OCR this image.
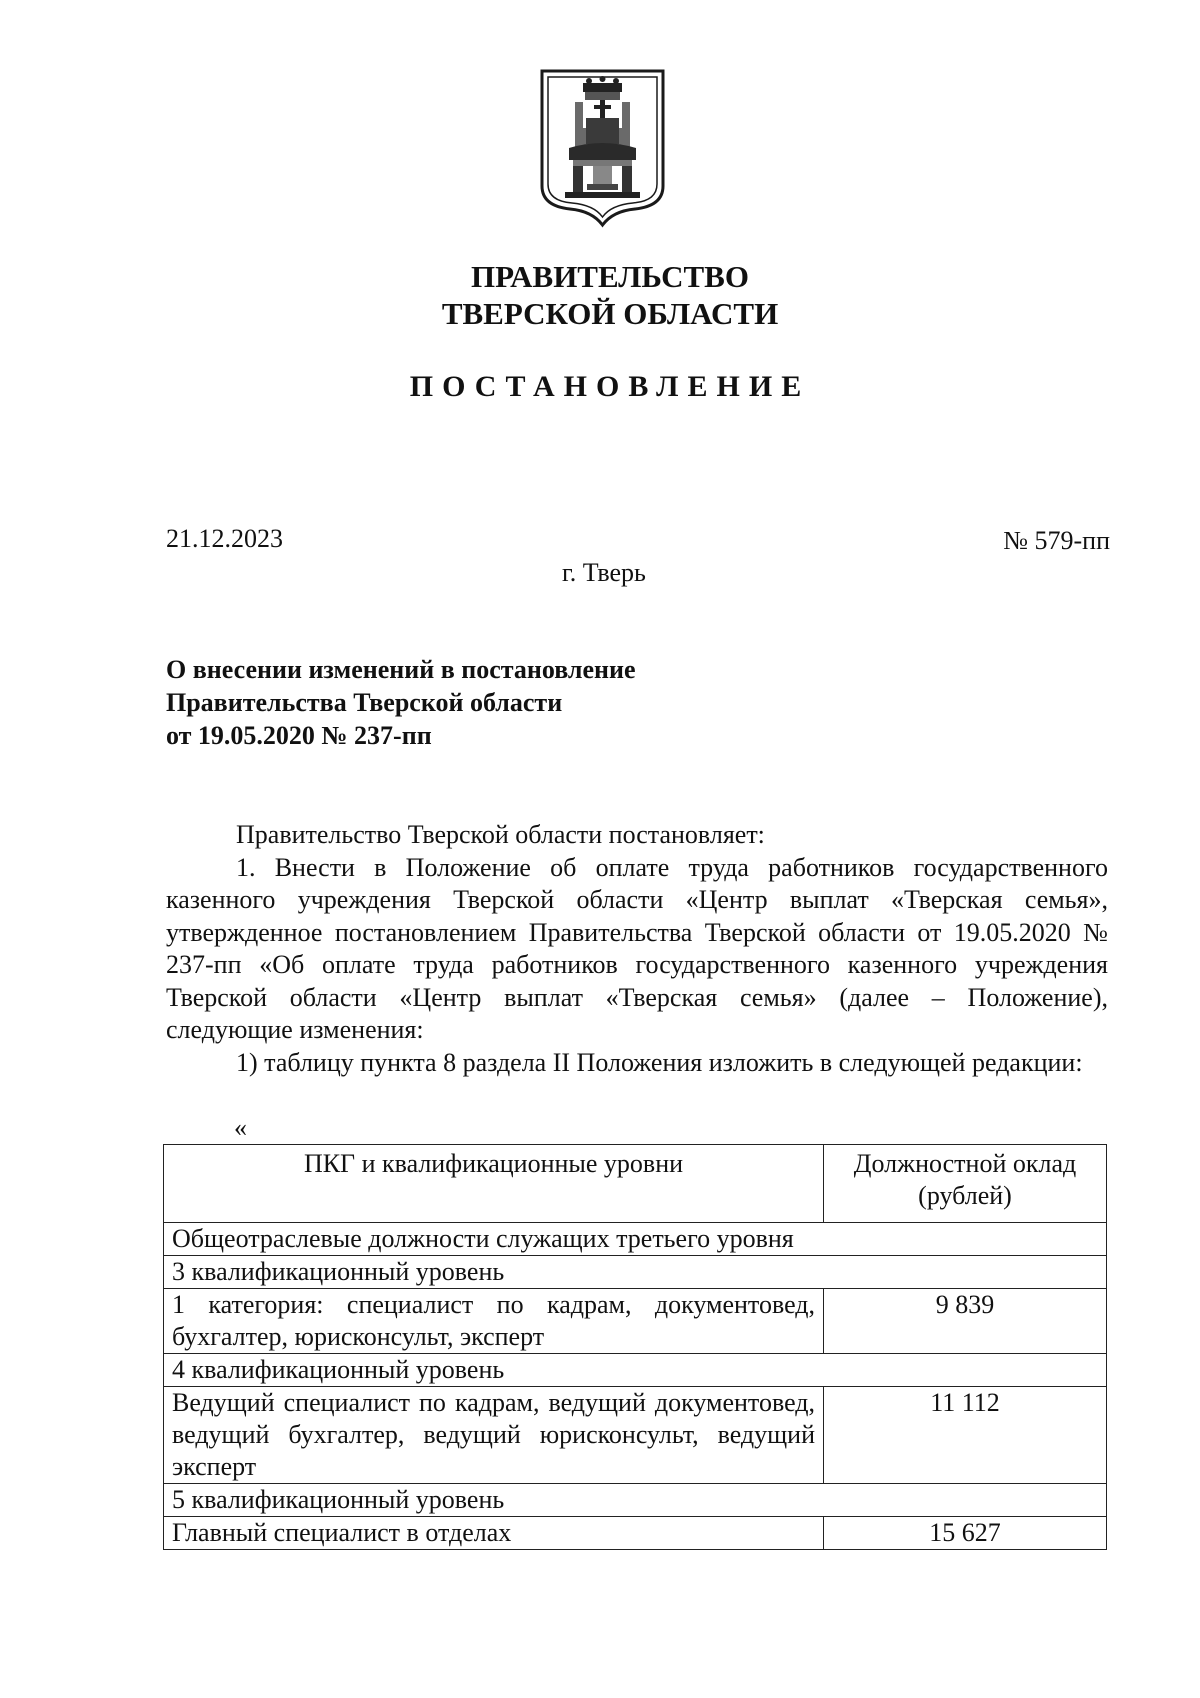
ПРАВИТЕЛЬСТВО
ТВЕРСКОЙ ОБЛАСТИ
ПОСТАНОВЛЕНИЕ
21.12.2023	№ 579-пп
г. Тверь
О внесении изменений в постановление
Правительства Тверской области
от 19.05.2020 № 237-пп

Правительство Тверской области постановляет:

1. Внести в Положение об оплате труда работников государственного казенного учреждения Тверской области «Центр выплат «Тверская семья», утвержденное постановлением Правительства Тверской области от 19.05.2020 № 237-пп «Об оплате труда работников государственного казенного учреждения Тверской области «Центр выплат «Тверская семья» (далее – Положение), следующие изменения:

1) таблицу пункта 8 раздела II Положения изложить в следующей редакции:

«
ПКГ и квалификационные уровни	Должностной оклад (рублей)
Общеотраслевые должности служащих третьего уровня	
3 квалификационный уровень	
1 категория: специалист по кадрам, документовед, бухгалтер, юрисконсульт, эксперт	9 839
4 квалификационный уровень	
Ведущий специалист по кадрам, ведущий документовед, ведущий бухгалтер, ведущий юрисконсульт, ведущий эксперт	11 112
5 квалификационный уровень	
Главный специалист в отделах	15 627
